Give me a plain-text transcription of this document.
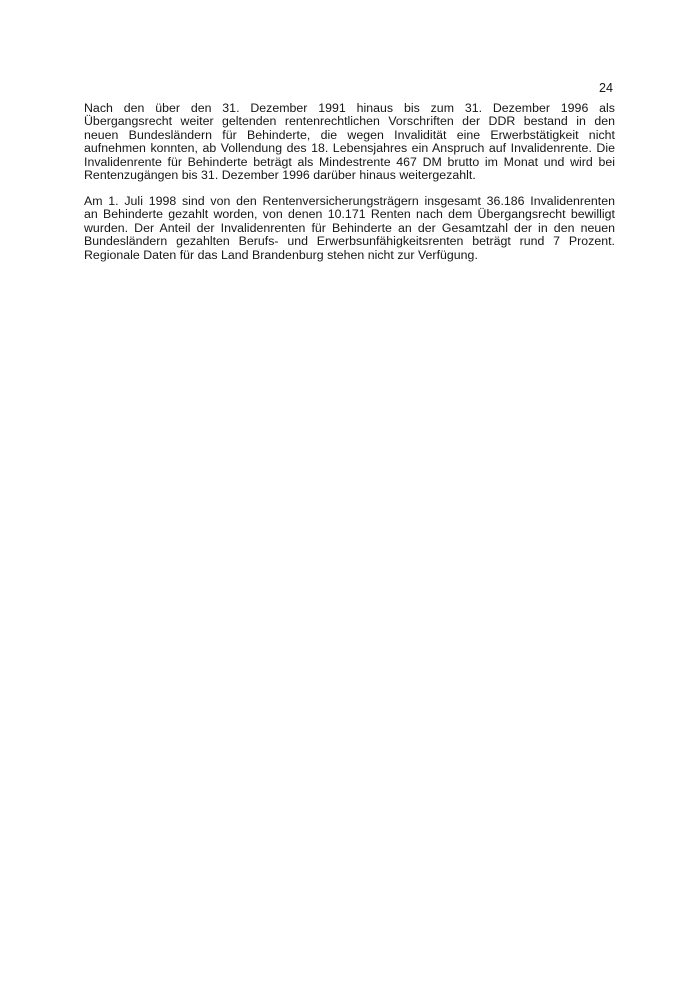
24
Nach den über den 31. Dezember 1991 hinaus bis zum 31. Dezember 1996 als
Übergangsrecht weiter geltenden rentenrechtlichen Vorschriften der DDR bestand in den
neuen Bundesländern für Behinderte, die wegen Invalidität eine Erwerbstätigkeit nicht
aufnehmen konnten, ab Vollendung des 18. Lebensjahres ein Anspruch auf Invalidenrente. Die
Invalidenrente für Behinderte beträgt als Mindestrente 467 DM brutto im Monat und wird bei
Rentenzugängen bis 31. Dezember 1996 darüber hinaus weitergezahlt.
Am 1. Juli 1998 sind von den Rentenversicherungsträgern insgesamt 36.186 Invalidenrenten
an Behinderte gezahlt worden, von denen 10.171 Renten nach dem Übergangsrecht bewilligt
wurden. Der Anteil der Invalidenrenten für Behinderte an der Gesamtzahl der in den neuen
Bundesländern gezahlten Berufs- und Erwerbsunfähigkeitsrenten beträgt rund 7 Prozent.
Regionale Daten für das Land Brandenburg stehen nicht zur Verfügung.
